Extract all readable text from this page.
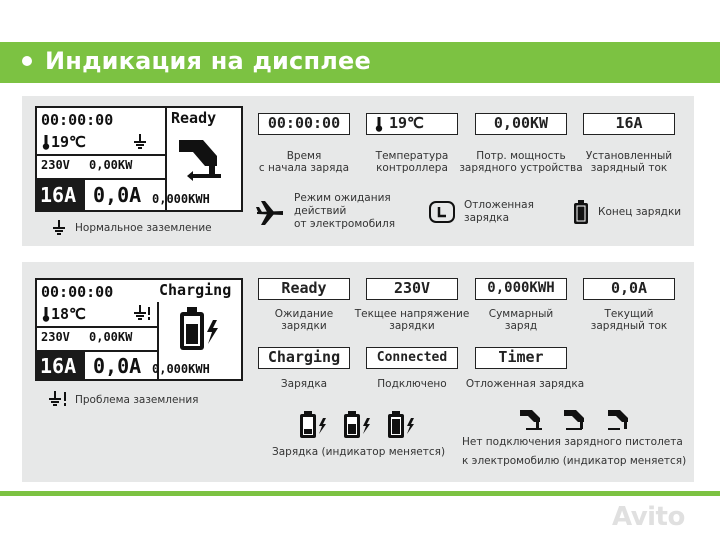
Индикация на дисплее
00:00:00	Ready
19℃
230V 0,00KW
16A 0,0A 0,000KWH
Нормальное заземление
00:00:00
Время
с начала заряда
19℃
Температура
контроллера
0,00KW
Потр. мощность
зарядного устройства
16A
Установленный
зарядный ток
Режим ожидания
действий
от электромобиля
Отложенная
зарядка	Конец зарядки
00:00:00	Charging
18℃
230V 0,00KW
16A 0,0A 0,000KWH
Проблема заземления
Ready
Ожидание
зарядки
230V
Текщее напряжение
зарядки
0,000KWH
Суммарный
заряд
0,0A
Текущий
зарядный ток
Charging
Зарядка
Connected
Подключено
Timer
Отложенная зарядка
Зарядка (индикатор меняется)
Нет подключения зарядного пистолета
к электромобилю (индикатор меняется)
Avito
